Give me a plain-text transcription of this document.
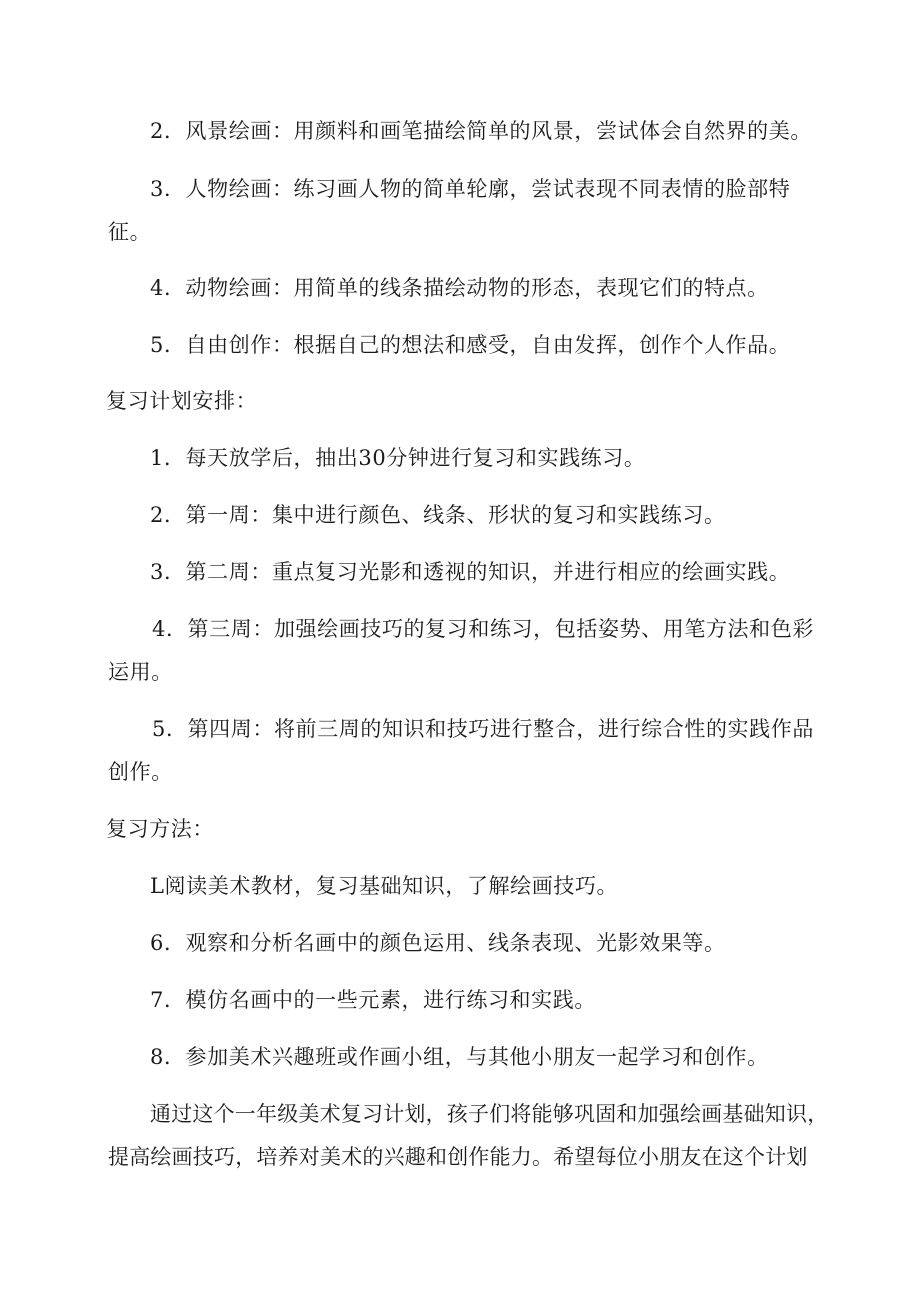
2．风景绘画：用颜料和画笔描绘简单的风景，尝试体会自然界的美。
3．人物绘画：练习画人物的简单轮廓，尝试表现不同表情的脸部特
征。
4．动物绘画：用简单的线条描绘动物的形态，表现它们的特点。
5．自由创作：根据自己的想法和感受，自由发挥，创作个人作品。
复习计划安排：
1．每天放学后，抽出30分钟进行复习和实践练习。
2．第一周：集中进行颜色、线条、形状的复习和实践练习。
3．第二周：重点复习光影和透视的知识，并进行相应的绘画实践。
4．第三周：加强绘画技巧的复习和练习，包括姿势、用笔方法和色彩
运用。
5．第四周：将前三周的知识和技巧进行整合，进行综合性的实践作品
创作。
复习方法：
L阅读美术教材，复习基础知识，了解绘画技巧。
6．观察和分析名画中的颜色运用、线条表现、光影效果等。
7．模仿名画中的一些元素，进行练习和实践。
8．参加美术兴趣班或作画小组，与其他小朋友一起学习和创作。
通过这个一年级美术复习计划，孩子们将能够巩固和加强绘画基础知识，
提高绘画技巧，培养对美术的兴趣和创作能力。希望每位小朋友在这个计划
